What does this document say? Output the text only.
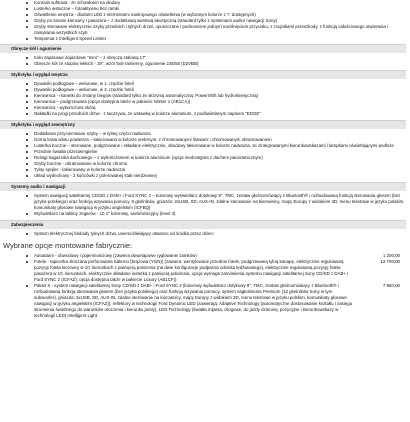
Konsola sufitowa - ze schowkiem na okulary
Lusterko wsteczne – fotoaktywne bez ramki
Oświetlenie wnętrza - diodami LED z elementami nastrojowego oświetlenia (w wybranym kolorze z 7. dostępnych)
Szyby po stronie kierowcy i pasażera – z dodatkową warstwą akustyczną (standard tylko z systemami audio/ nawigacji Sony)
Szyby sterowane elektrycznie szyby przednich i tylnych drzwi, opuszczane i podnoszone jednym naciśnięciem przycisku, z czujnikami przeszkody, z funkcją całościowego otwierania i zamykania wszystkich szyb
Tempomat z Intelligent Speed Limiter
Obręcze kół i ogumienie
Koło zapasowe dojazdowe "mini" – z obręczą stalową 17"
Obręcze kół ze stopów lekkich - 19", wzór 5x5-ramienny, ogumienie 235/55 (D2VBB)
Stylistyka i wygląd wnętrza
Dywaniki podłogowe – welurowe, w 1. rzędzie foteli
Dywaniki podłogowe – welurowe, w 2. rzędzie foteli
Kierownica - manetki do zmiany biegów (standard tylko ze skrzynią automatyczną: PowerShift lub hydrokinetyczną)
Kierownica – podgrzewana (opcja dostępna także w pakiecie Winter 1 (AB1CA))
Kierownica - wykończona skórą
Nakładki na progi przednich drzwi - z tworzywa, ze wstawką w kolorze aluminium, z podświetlanym napisem "EDGE"
Stylistyka i wygląd zewnętrzny
Dodatkowo przyciemniane szyby – w tylnej części nadwozia
Górna krata wlotu powietrza – lakierowana w kolorze srebrnym, z chromowanymi listwami i chromowanym obramowaniem
Lusterka boczne – sterowane, podgrzewane i składane elektrycznie, obudowy lakierowane w kolorze nadwozia, ze zintegrowanymi kierunkowskazami i lampkami oświetlającymi podłoże
Przednie światła przeciwmgielne
Relingi bagażnika dachowego – z wykończeniem w kolorze aluminium (opcja niedostępna z dachem panoramicznym)
Szyby boczne - obramowanie w kolorze chromu
Tylny spojler - lakierowany w kolorze nadwozia
Układ wydechowy - 2 końcówki z polerowanej stali nierdzewnej
Systemy audio i nawigacji
System nawigacji satelitarnej CD/SD z DAB+ i Ford SYNC 2 – kolorowy wyświetlacz dotykowy 8", TMC, zestaw głośnomówiący z Bluetooth® i rozbudowaną funkcją sterowania głosem (bez języka polskiego) oraz funkcją wzywania pomocy, 9 głośników, gniazdo: 2xUSB, SD, AUX-IN, zdalne sterowanie na kierownicy, mapy Europy z widokiem 3D, menu tekstowe w języku polskim, komunikaty głosowe nawigacji w języku angielskim (ICFBQ)
Wyświetlacz na tablicy zegarów - 10.1" kolorowy, wielofunkcyjny (level 3)
Zabezpieczenia
System elektrycznej blokady tylnych drzwi, uniemożliwiający otwarcie od środka przez dzieci
Wybrane opcje montowane fabrycznie:
Autoalarm - obwodowy i pojemnościowy (zawiera dwuetapowe ryglowanie zamków)	1 200,00
Fotele - tapicerka skórzana perforowana Salerno (brązowa (YGN)) (zawiera: wentylowane przednie fotele, podgrzewaną tylną kanapę, elektrycznie regulowaną pozycję fotela kierowcy w 10. kierunkach z pamięcią położenia (na dwie konfiguracje podparcia odcinka lędźwiowego), elektrycznie regulowaną pozycję fotela pasażera w 10. kierunkach, elektrycznie składane lusterka z pamięcią położenia, opcja wymaga zamówienia systemu nawigacji satelitarnej Sony CD/SD z DAB+ i Ford SYNC 2 (ICFAZ); opcja dostępna także w pakiecie Luxury (AB1CF))
13 700,00
Pakiet X - system nawigacji satelitarnej Sony CD/SD z DAB+ i Ford SYNC 2 (kolorowy wyświetlacz dotykowy 8", TMC, zestaw głośnomówiący z Bluetooth® i rozbudowaną funkcją sterowania głosem (bez języka polskiego) oraz funkcją wzywania pomocy, system nagłośnienia Premium (12 głośników Sony w tym subwoofer), gniazda: 2xUSB, SD, AUX-IN, zdalne sterowanie na kierownicy, mapy Europy z widokiem 3D, menu tekstowe w języku polskim, komunikaty głosowe nawigacji w języku angielskim (ICFAZ)); reflektory w technologii Ford Dynamic LED (zawierają: Adaptive Technology (automatyczne dostosowanie kształtu i zasięgu strumienia świetlnego do warunków otoczenia i kierunku jazdy), LED Technology (światła mijania, drogowe, do jazdy dziennej, pozycyjne i kierunkowskazy w technologii LED) Intelligent Light
7 650,00
